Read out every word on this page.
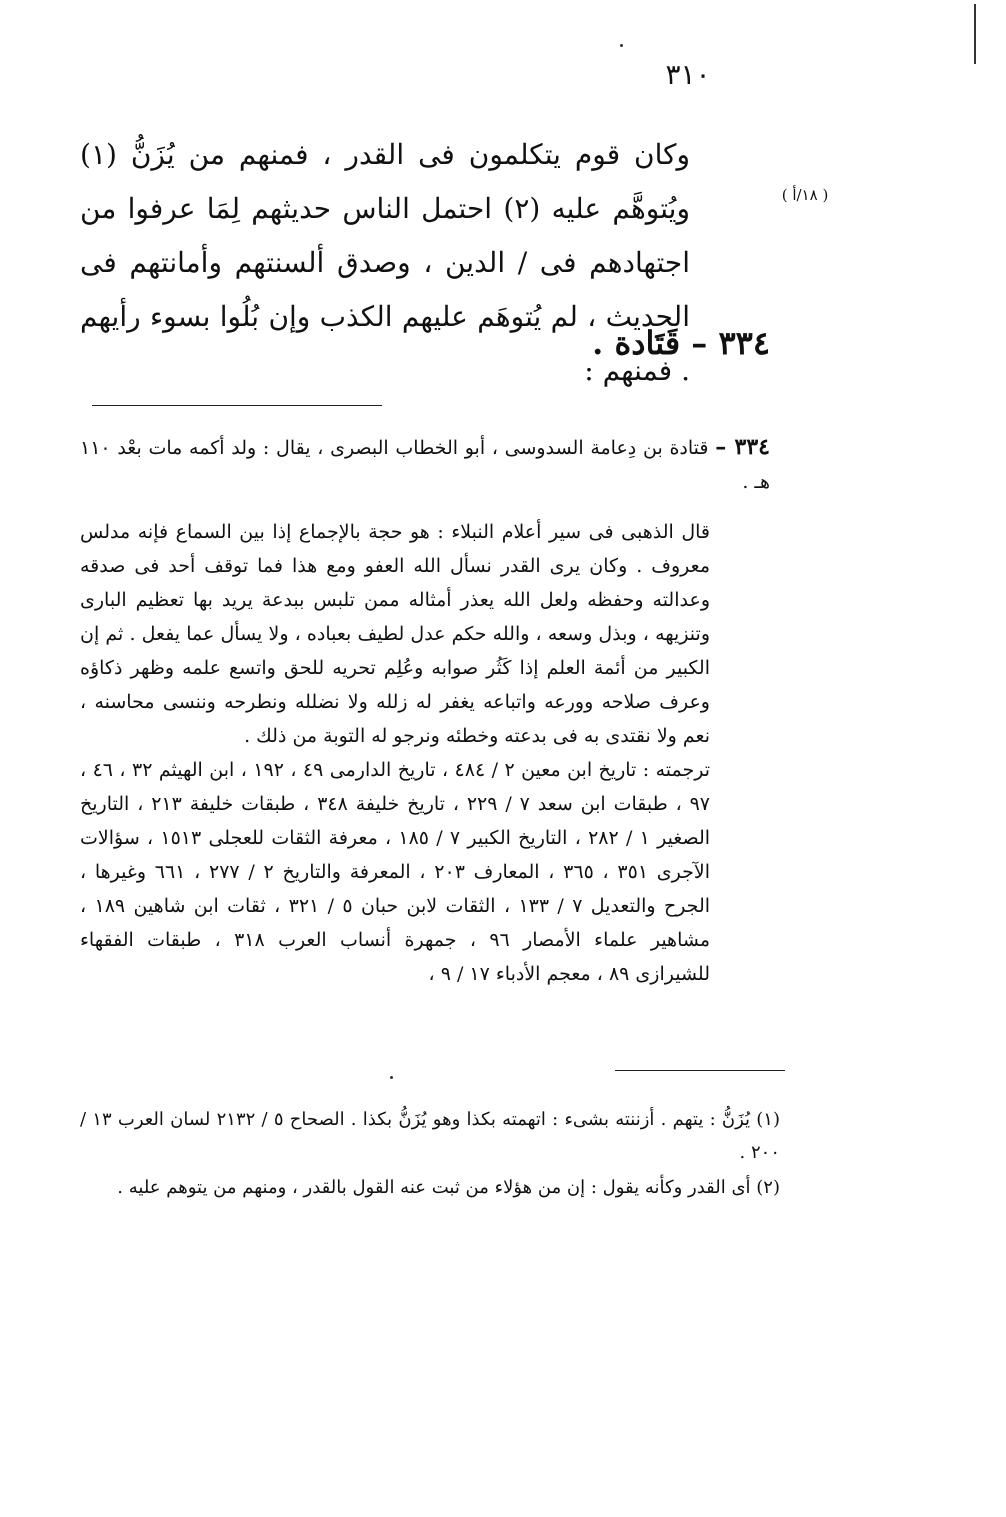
٣١٠
( ١٨/أ )
وكان قوم يتكلمون فى القدر ، فمنهم من يُزَنُّ (١) ويُتوهَّم عليه (٢) احتمل الناس حديثهم لِمَا عرفوا من اجتهادهم فى / الدين ، وصدق ألسنتهم وأمانتهم فى الحديث ، لم يُتوهَم عليهم الكذب وإن بُلُوا بسوء رأيهم . فمنهم :
٣٣٤ – قَتَادة .

٣٣٤ – قتادة بن دِعامة السدوسى ، أبو الخطاب البصرى ، يقال : ولد أكمه مات بعْد ١١٠ هـ .

قال الذهبى فى سير أعلام النبلاء : هو حجة بالإجماع إذا بين السماع فإنه مدلس معروف . وكان يرى القدر نسأل الله العفو ومع هذا فما توقف أحد فى صدقه وعدالته وحفظه ولعل الله يعذر أمثاله ممن تلبس ببدعة يريد بها تعظيم البارى وتنزيهه ، وبذل وسعه ، والله حكم عدل لطيف بعباده ، ولا يسأل عما يفعل . ثم إن الكبير من أئمة العلم إذا كَثُر صوابه وعُلِم تحريه للحق واتسع علمه وظهر ذكاؤه وعرف صلاحه وورعه واتباعه يغفر له زلله ولا نضلله ونطرحه وننسى محاسنه ، نعم ولا نقتدى به فى بدعته وخطئه ونرجو له التوبة من ذلك .

ترجمته : تاريخ ابن معين ٢ / ٤٨٤ ، تاريخ الدارمى ٤٩ ، ١٩٢ ، ابن الهيثم ٣٢ ، ٤٦ ، ٩٧ ، طبقات ابن سعد ٧ / ٢٢٩ ، تاريخ خليفة ٣٤٨ ، طبقات خليفة ٢١٣ ، التاريخ الصغير ١ / ٢٨٢ ، التاريخ الكبير ٧ / ١٨٥ ، معرفة الثقات للعجلى ١٥١٣ ، سؤالات الآجرى ٣٥١ ، ٣٦٥ ، المعارف ٢٠٣ ، المعرفة والتاريخ ٢ / ٢٧٧ ، ٦٦١ وغيرها ، الجرح والتعديل ٧ / ١٣٣ ، الثقات لابن حبان ٥ / ٣٢١ ، ثقات ابن شاهين ١٨٩ ، مشاهير علماء الأمصار ٩٦ ، جمهرة أنساب العرب ٣١٨ ، طبقات الفقهاء للشيرازى ٨٩ ، معجم الأدباء ١٧ / ٩ ،

(١) يُزَنُّ : يتهم . أزننته بشىء : اتهمته بكذا وهو يُزَنُّ بكذا . الصحاح ٥ / ٢١٣٢ لسان العرب ١٣ / ٢٠٠ .

(٢) أى القدر وكأنه يقول : إن من هؤلاء من ثبت عنه القول بالقدر ، ومنهم من يتوهم عليه .
